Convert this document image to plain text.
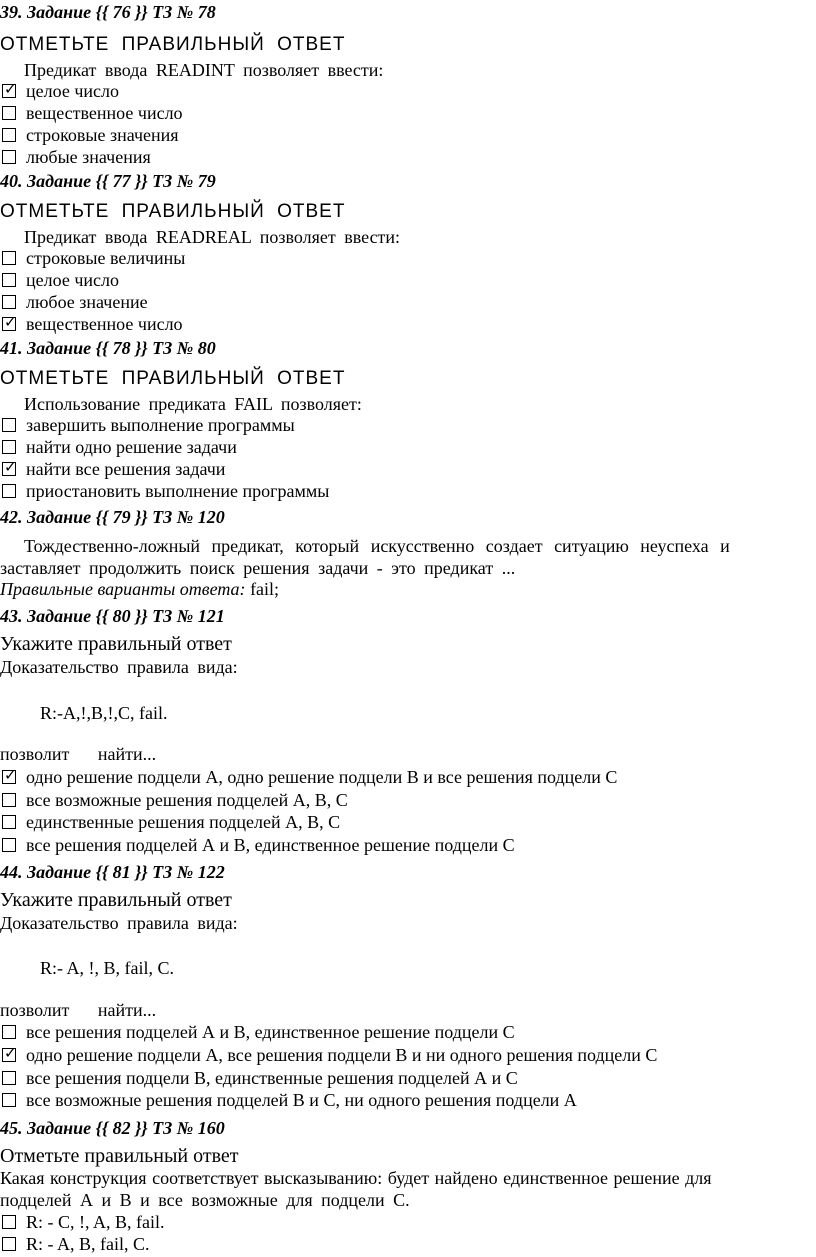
39. Задание {{ 76 }} ТЗ № 78
ОТМЕТЬТЕ ПРАВИЛЬНЫЙ ОТВЕТ
Предикат ввода READINT позволяет ввести:
✓
целое число
вещественное число
строковые значения
любые значения
40. Задание {{ 77 }} ТЗ № 79
ОТМЕТЬТЕ ПРАВИЛЬНЫЙ ОТВЕТ
Предикат ввода READREAL позволяет ввести:
строковые величины
целое число
любое значение
✓
вещественное число
41. Задание {{ 78 }} ТЗ № 80
ОТМЕТЬТЕ ПРАВИЛЬНЫЙ ОТВЕТ
Использование предиката FAIL позволяет:
завершить выполнение программы
найти одно решение задачи
✓
найти все решения задачи
приостановить выполнение программы
42. Задание {{ 79 }} ТЗ № 120
Тождественно-ложный предикат, который искусственно создает ситуацию неуспеха и
заставляет продолжить поиск решения задачи - это предикат ...
Правильные варианты ответа: fail;
43. Задание {{ 80 }} ТЗ № 121
Укажите правильный ответ
Доказательство правила вида:
R:-A,!,B,!,C, fail.
позволит найти...
✓
одно решение подцели А, одно решение подцели В и все решения подцели С
все возможные решения подцелей А, В, С
единственные решения подцелей А, В, С
все решения подцелей А и В, единственное решение подцели С
44. Задание {{ 81 }} ТЗ № 122
Укажите правильный ответ
Доказательство правила вида:
R:- A, !, B, fail, C.
позволит найти...
все решения подцелей А и В, единственное решение подцели С
✓
одно решение подцели А, все решения подцели В и ни одного решения подцели С
все решения подцели В, единственные решения подцелей А и С
все возможные решения подцелей В и С, ни одного решения подцели А
45. Задание {{ 82 }} ТЗ № 160
Отметьте правильный ответ
Какая конструкция соответствует высказыванию: будет найдено единственное решение для
подцелей А и В и все возможные для подцели С.
R: - C, !, A, B, fail.
R: - A, B, fail, C.
